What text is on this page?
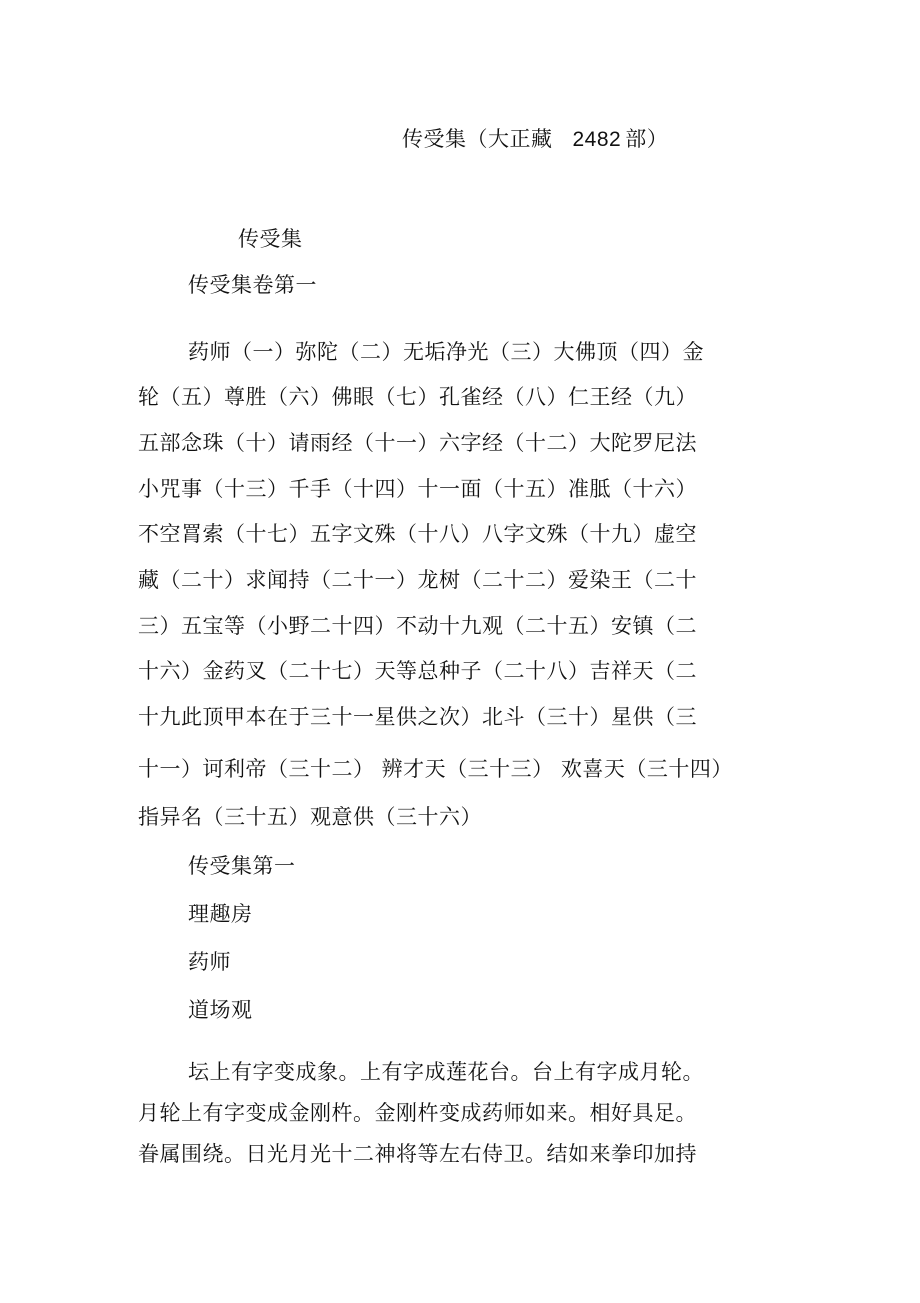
传受集（大正藏 2482 部）
传受集
传受集卷第一
药师（一）弥陀（二）无垢净光（三）大佛顶（四）金
轮（五）尊胜（六）佛眼（七）孔雀经（八）仁王经（九）
五部念珠（十）请雨经（十一）六字经（十二）大陀罗尼法
小咒事（十三）千手（十四）十一面（十五）准胝（十六）
不空罥索（十七）五字文殊（十八）八字文殊（十九）虚空
藏（二十）求闻持（二十一）龙树（二十二）爱染王（二十
三）五宝等（小野二十四）不动十九观（二十五）安镇（二
十六）金药叉（二十七）天等总种子（二十八）吉祥天（二
十九此顶甲本在于三十一星供之次）北斗（三十）星供（三
十一）诃利帝（三十二） 辨才天（三十三） 欢喜天（三十四）
指异名（三十五）观意供（三十六）
传受集第一
理趣房
药师
道场观
坛上有字变成象。上有字成莲花台。台上有字成月轮。
月轮上有字变成金刚杵。金刚杵变成药师如来。相好具足。
眷属围绕。日光月光十二神将等左右侍卫。结如来拳印加持
